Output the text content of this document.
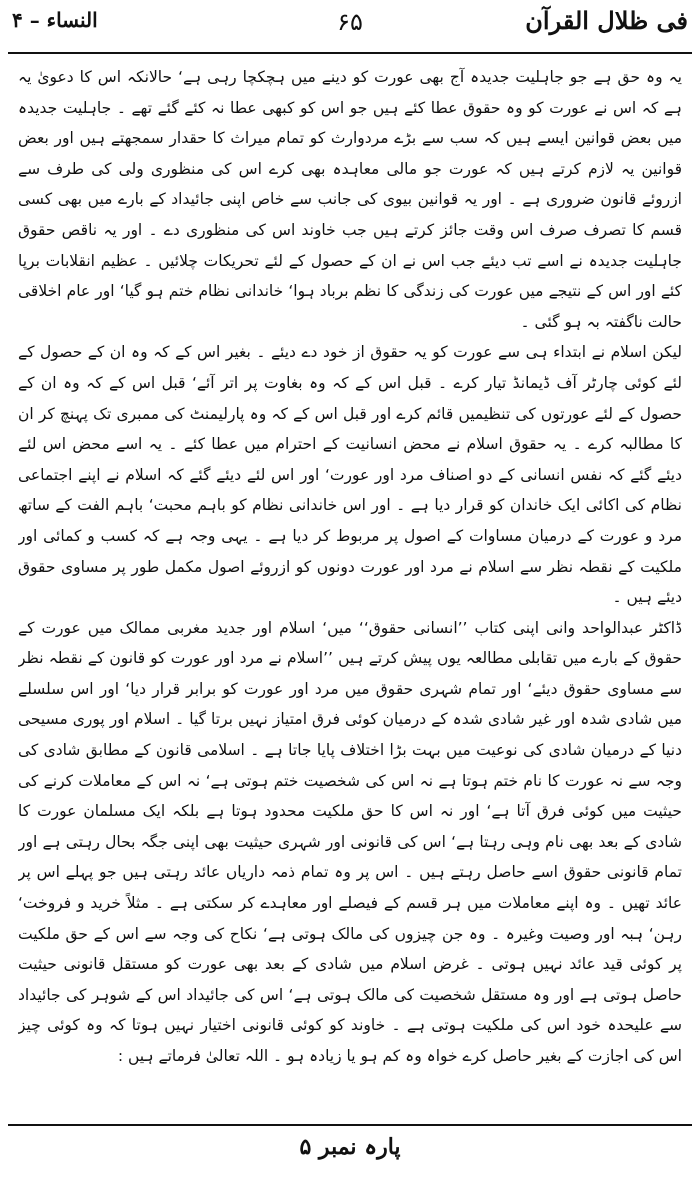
فی ظلال القرآن
۶۵
النساء – ۴

یہ وہ حق ہے جو جاہلیت جدیدہ آج بھی عورت کو دینے میں ہچکچا رہی ہے‘ حالانکہ اس کا دعویٰ یہ ہے کہ اس نے عورت کو وہ حقوق عطا کئے ہیں جو اس کو کبھی عطا نہ کئے گئے تھے ۔ جاہلیت جدیدہ میں بعض قوانین ایسے ہیں کہ سب سے بڑے مردوارث کو تمام میراث کا حقدار سمجھتے ہیں اور بعض قوانین یہ لازم کرتے ہیں کہ عورت جو مالی معاہدہ بھی کرے اس کی منظوری ولی کی طرف سے ازروئے قانون ضروری ہے ۔ اور یہ قوانین بیوی کی جانب سے خاص اپنی جائیداد کے بارے میں بھی کسی قسم کا تصرف صرف اس وقت جائز کرتے ہیں جب خاوند اس کی منظوری دے ۔ اور یہ ناقص حقوق جاہلیت جدیدہ نے اسے تب دیئے جب اس نے ان کے حصول کے لئے تحریکات چلائیں ۔ عظیم انقلابات برپا کئے اور اس کے نتیجے میں عورت کی زندگی کا نظم برباد ہوا‘ خاندانی نظام ختم ہو گیا‘ اور عام اخلاقی حالت ناگفتہ بہ ہو گئی ۔

لیکن اسلام نے ابتداء ہی سے عورت کو یہ حقوق از خود دے دیئے ۔ بغیر اس کے کہ وہ ان کے حصول کے لئے کوئی چارٹر آف ڈیمانڈ تیار کرے ۔ قبل اس کے کہ وہ بغاوت پر اتر آئے‘ قبل اس کے کہ وہ ان کے حصول کے لئے عورتوں کی تنظیمیں قائم کرے اور قبل اس کے کہ وہ پارلیمنٹ کی ممبری تک پہنچ کر ان کا مطالبہ کرے ۔ یہ حقوق اسلام نے محض انسانیت کے احترام میں عطا کئے ۔ یہ اسے محض اس لئے دیئے گئے کہ نفس انسانی کے دو اصناف مرد اور عورت‘ اور اس لئے دیئے گئے کہ اسلام نے اپنے اجتماعی نظام کی اکائی ایک خاندان کو قرار دیا ہے ۔ اور اس خاندانی نظام کو باہم محبت‘ باہم الفت کے ساتھ مرد و عورت کے درمیان مساوات کے اصول پر مربوط کر دیا ہے ۔ یہی وجہ ہے کہ کسب و کمائی اور ملکیت کے نقطہ نظر سے اسلام نے مرد اور عورت دونوں کو ازروئے اصول مکمل طور پر مساوی حقوق دیئے ہیں ۔

ڈاکٹر عبدالواحد وانی اپنی کتاب ’’انسانی حقوق‘‘ میں‘ اسلام اور جدید مغربی ممالک میں عورت کے حقوق کے بارے میں تقابلی مطالعہ یوں پیش کرتے ہیں ’’اسلام نے مرد اور عورت کو قانون کے نقطہ نظر سے مساوی حقوق دیئے‘ اور تمام شہری حقوق میں مرد اور عورت کو برابر قرار دیا‘ اور اس سلسلے میں شادی شدہ اور غیر شادی شدہ کے درمیان کوئی فرق امتیاز نہیں برتا گیا ۔ اسلام اور پوری مسیحی دنیا کے درمیان شادی کی نوعیت میں بہت بڑا اختلاف پایا جاتا ہے ۔ اسلامی قانون کے مطابق شادی کی وجہ سے نہ عورت کا نام ختم ہوتا ہے نہ اس کی شخصیت ختم ہوتی ہے‘ نہ اس کے معاملات کرنے کی حیثیت میں کوئی فرق آتا ہے‘ اور نہ اس کا حق ملکیت محدود ہوتا ہے بلکہ ایک مسلمان عورت کا شادی کے بعد بھی نام وہی رہتا ہے‘ اس کی قانونی اور شہری حیثیت بھی اپنی جگہ بحال رہتی ہے اور تمام قانونی حقوق اسے حاصل رہتے ہیں ۔ اس پر وہ تمام ذمہ داریاں عائد رہتی ہیں جو پہلے اس پر عائد تھیں ۔ وہ اپنے معاملات میں ہر قسم کے فیصلے اور معاہدے کر سکتی ہے ۔ مثلاً خرید و فروخت‘ رہن‘ ہبہ اور وصیت وغیرہ ۔ وہ جن چیزوں کی مالک ہوتی ہے‘ نکاح کی وجہ سے اس کے حق ملکیت پر کوئی قید عائد نہیں ہوتی ۔ غرض اسلام میں شادی کے بعد بھی عورت کو مستقل قانونی حیثیت حاصل ہوتی ہے اور وہ مستقل شخصیت کی مالک ہوتی ہے‘ اس کی جائیداد اس کے شوہر کی جائیداد سے علیحدہ خود اس کی ملکیت ہوتی ہے ۔ خاوند کو کوئی قانونی اختیار نہیں ہوتا کہ وہ کوئی چیز اس کی اجازت کے بغیر حاصل کرے خواہ وہ کم ہو یا زیادہ ہو ۔ اللہ تعالیٰ فرماتے ہیں :

پارہ نمبر ۵
